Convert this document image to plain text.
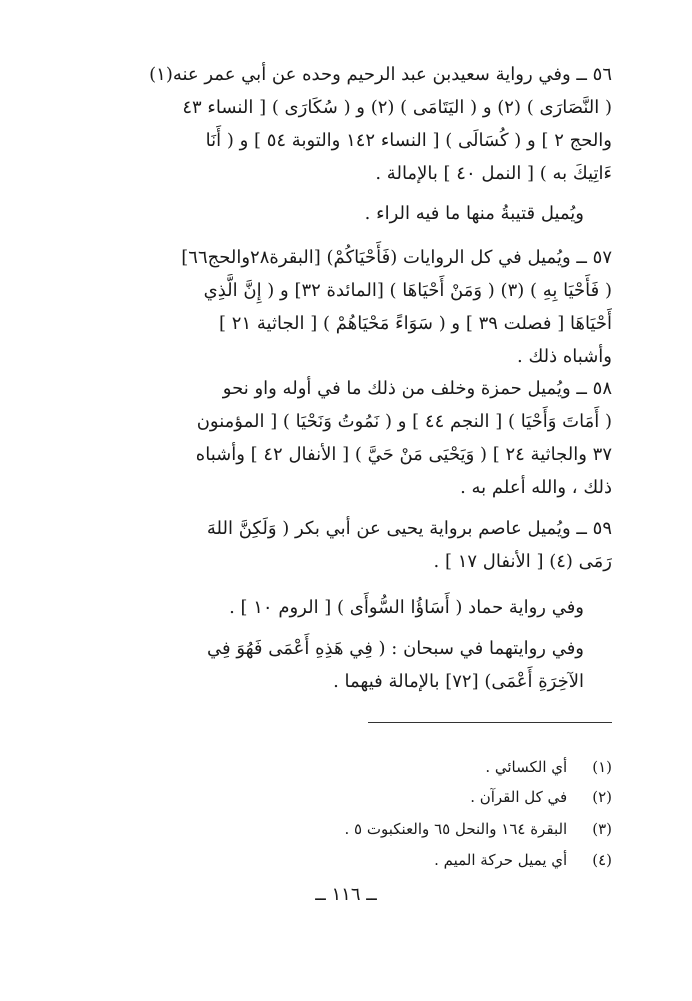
٥٦ ــ وفي رواية سعيدبن عبد الرحيم وحده عن أبي عمر عنه(١)
( النَّصَارَى ) (٢) و ( اليَتَامَى ) (٢) و ( سُكَارَى ) [ النساء ٤٣
والحج ٢ ] و ( كُسَالَى ) [ النساء ١٤٢ والتوبة ٥٤ ] و ( أَنَا
ءَاتِيكَ به ) [ النمل ٤٠ ] بالإمالة .
ويُميل قتيبةُ منها ما فيه الراء .
٥٧ ــ ويُميل في كل الروايات (فَأَحْيَاكُمْ) [البقرة٢٨والحج٦٦]
( فَأَحْيَا بِهِ ) (٣) ( وَمَنْ أَحْيَاهَا ) [المائدة ٣٢] و ( إِنَّ الَّذِي
أَحْيَاهَا [ فصلت ٣٩ ] و ( سَوَاءً مَحْيَاهُمْ ) [ الجاثية ٢١ ]
وأشباه ذلك .
٥٨ ــ ويُميل حمزة وخلف من ذلك ما في أوله واو نحو
( أَمَاتَ وَأَحْيَا ) [ النجم ٤٤ ] و ( نَمُوتُ وَنَحْيَا ) [ المؤمنون
٣٧ والجاثية ٢٤ ] ( وَيَحْيَى مَنْ حَيَّ ) [ الأنفال ٤٢ ] وأشباه
ذلك ، والله أعلم به .
٥٩ ــ ويُميل عاصم برواية يحيى عن أبي بكر ( وَلَكِنَّ اللهَ
رَمَى (٤) [ الأنفال ١٧ ] .
وفي رواية حماد ( أَسَاؤُا السُّوأَى ) [ الروم ١٠ ] .
وفي روايتهما في سبحان : ( فِي هَذِهِ أَعْمَى فَهُوَ فِي
الآخِرَةِ أَعْمَى) [٧٢] بالإمالة فيهما .
(١) أي الكسائي .
(٢) في كل القرآن .
(٣) البقرة ١٦٤ والنحل ٦٥ والعنكبوت ٥ .
(٤) أي يميل حركة الميم .
ــ ١١٦ ــ
